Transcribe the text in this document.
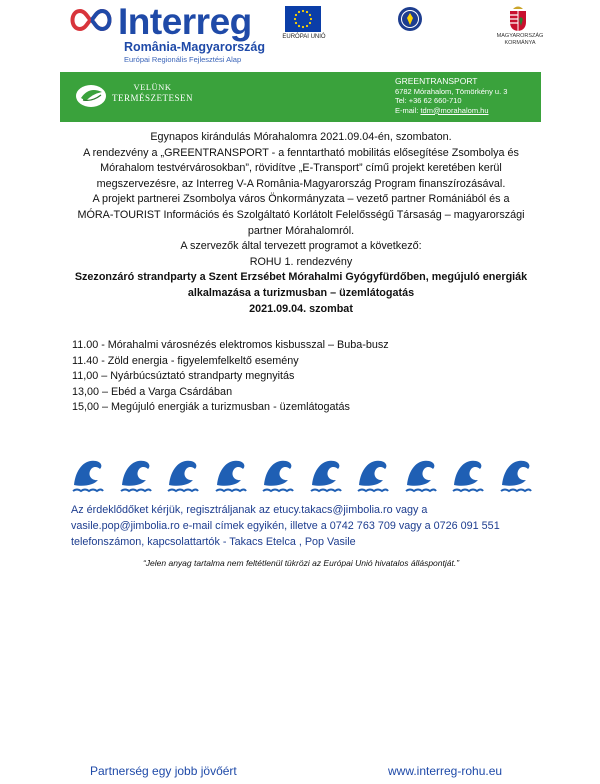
Interreg
România-Magyarország
Európai Regionális Fejlesztési Alap
EURÓPAI UNIÓ	MAGYARORSZÁG
KORMÁNYA
VELÜNK
TERMÉSZETESEN
GREENTRANSPORT
6782 Mórahalom, Tömörkény u. 3
Tel: +36 62 660-710
E-mail: tdm@morahalom.hu

Egynapos kirándulás Mórahalomra 2021.09.04-én, szombaton.

A rendezvény a „GREENTRANSPORT - a fenntartható mobilitás elősegítése Zsombolya és

Mórahalom testvérvárosokban”, rövidítve „E-Transport” című projekt keretében kerül

megszervezésre, az Interreg V-A România-Magyarország Program finanszírozásával.

A projekt partnerei Zsombolya város Önkormányzata – vezető partner Romániából és a

MÓRA-TOURIST Információs és Szolgáltató Korlátolt Felelősségű Társaság – magyarországi

partner Mórahalomról.

A szervezők által tervezett programot a következő:

ROHU 1. rendezvény

Szezonzáró strandparty a Szent Erzsébet Mórahalmi Gyógyfürdőben, megújuló energiák

alkalmazása a turizmusban – üzemlátogatás

2021.09.04. szombat

11.00 - Mórahalmi városnézés elektromos kisbusszal – Buba-busz
11.40 - Zöld energia - figyelemfelkeltő esemény
11,00 – Nyárbúcsúztató strandparty megnyitás
13,00 – Ebéd a Varga Csárdában
15,00 – Megújuló energiák a turizmusban - üzemlátogatás
Az érdeklődőket kérjük, regisztráljanak az etucy.takacs@jimbolia.ro vagy a
vasile.pop@jimbolia.ro e-mail címek egyikén, illetve a 0742 763 709 vagy a 0726 091 551
telefonszámon, kapcsolattartók - Takacs Etelca , Pop Vasile
“Jelen anyag tartalma nem feltétlenül tükrözi az Európai Unió hivatalos álláspontját.”
Partnerség egy jobb jövőért	www.interreg-rohu.eu
